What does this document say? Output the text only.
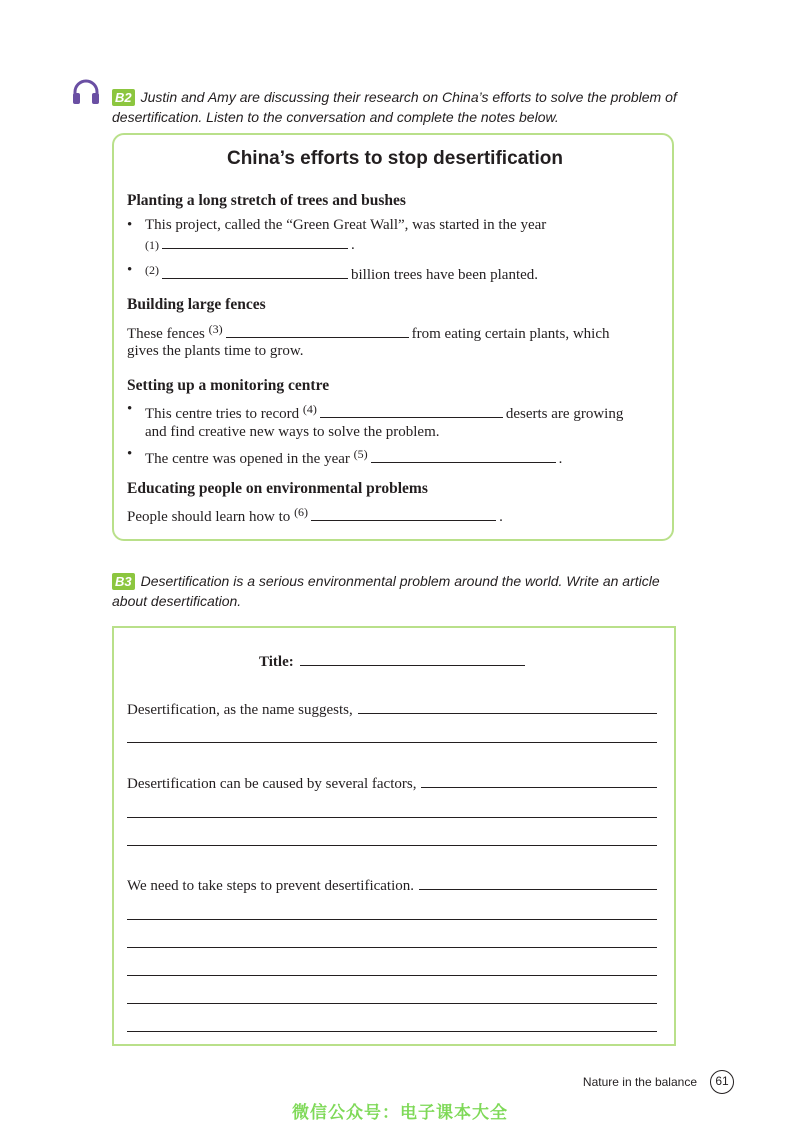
B2 Justin and Amy are discussing their research on China’s efforts to solve the problem of desertification. Listen to the conversation and complete the notes below.
China’s efforts to stop desertification
Planting a long stretch of trees and bushes
• This project, called the “Green Great Wall”, was started in the year
(1)	.
• $^{(2)}$	billion trees have been planted.
Building large fences
These fences $^{(3)}$	from eating certain plants, which
gives the plants time to grow.
Setting up a monitoring centre
• This centre tries to record $^{(4)}$	deserts are growing
and find creative new ways to solve the problem.
• The centre was opened in the year $^{(5)}$	.
Educating people on environmental problems
People should learn how to $^{(6)}$	.
B3 Desertification is a serious environmental problem around the world. Write an article about desertification.
Title:
Desertification, as the name suggests,
Desertification can be caused by several factors,
We need to take steps to prevent desertification.
Nature in the balance	61
微信公众号：电子课本大全
